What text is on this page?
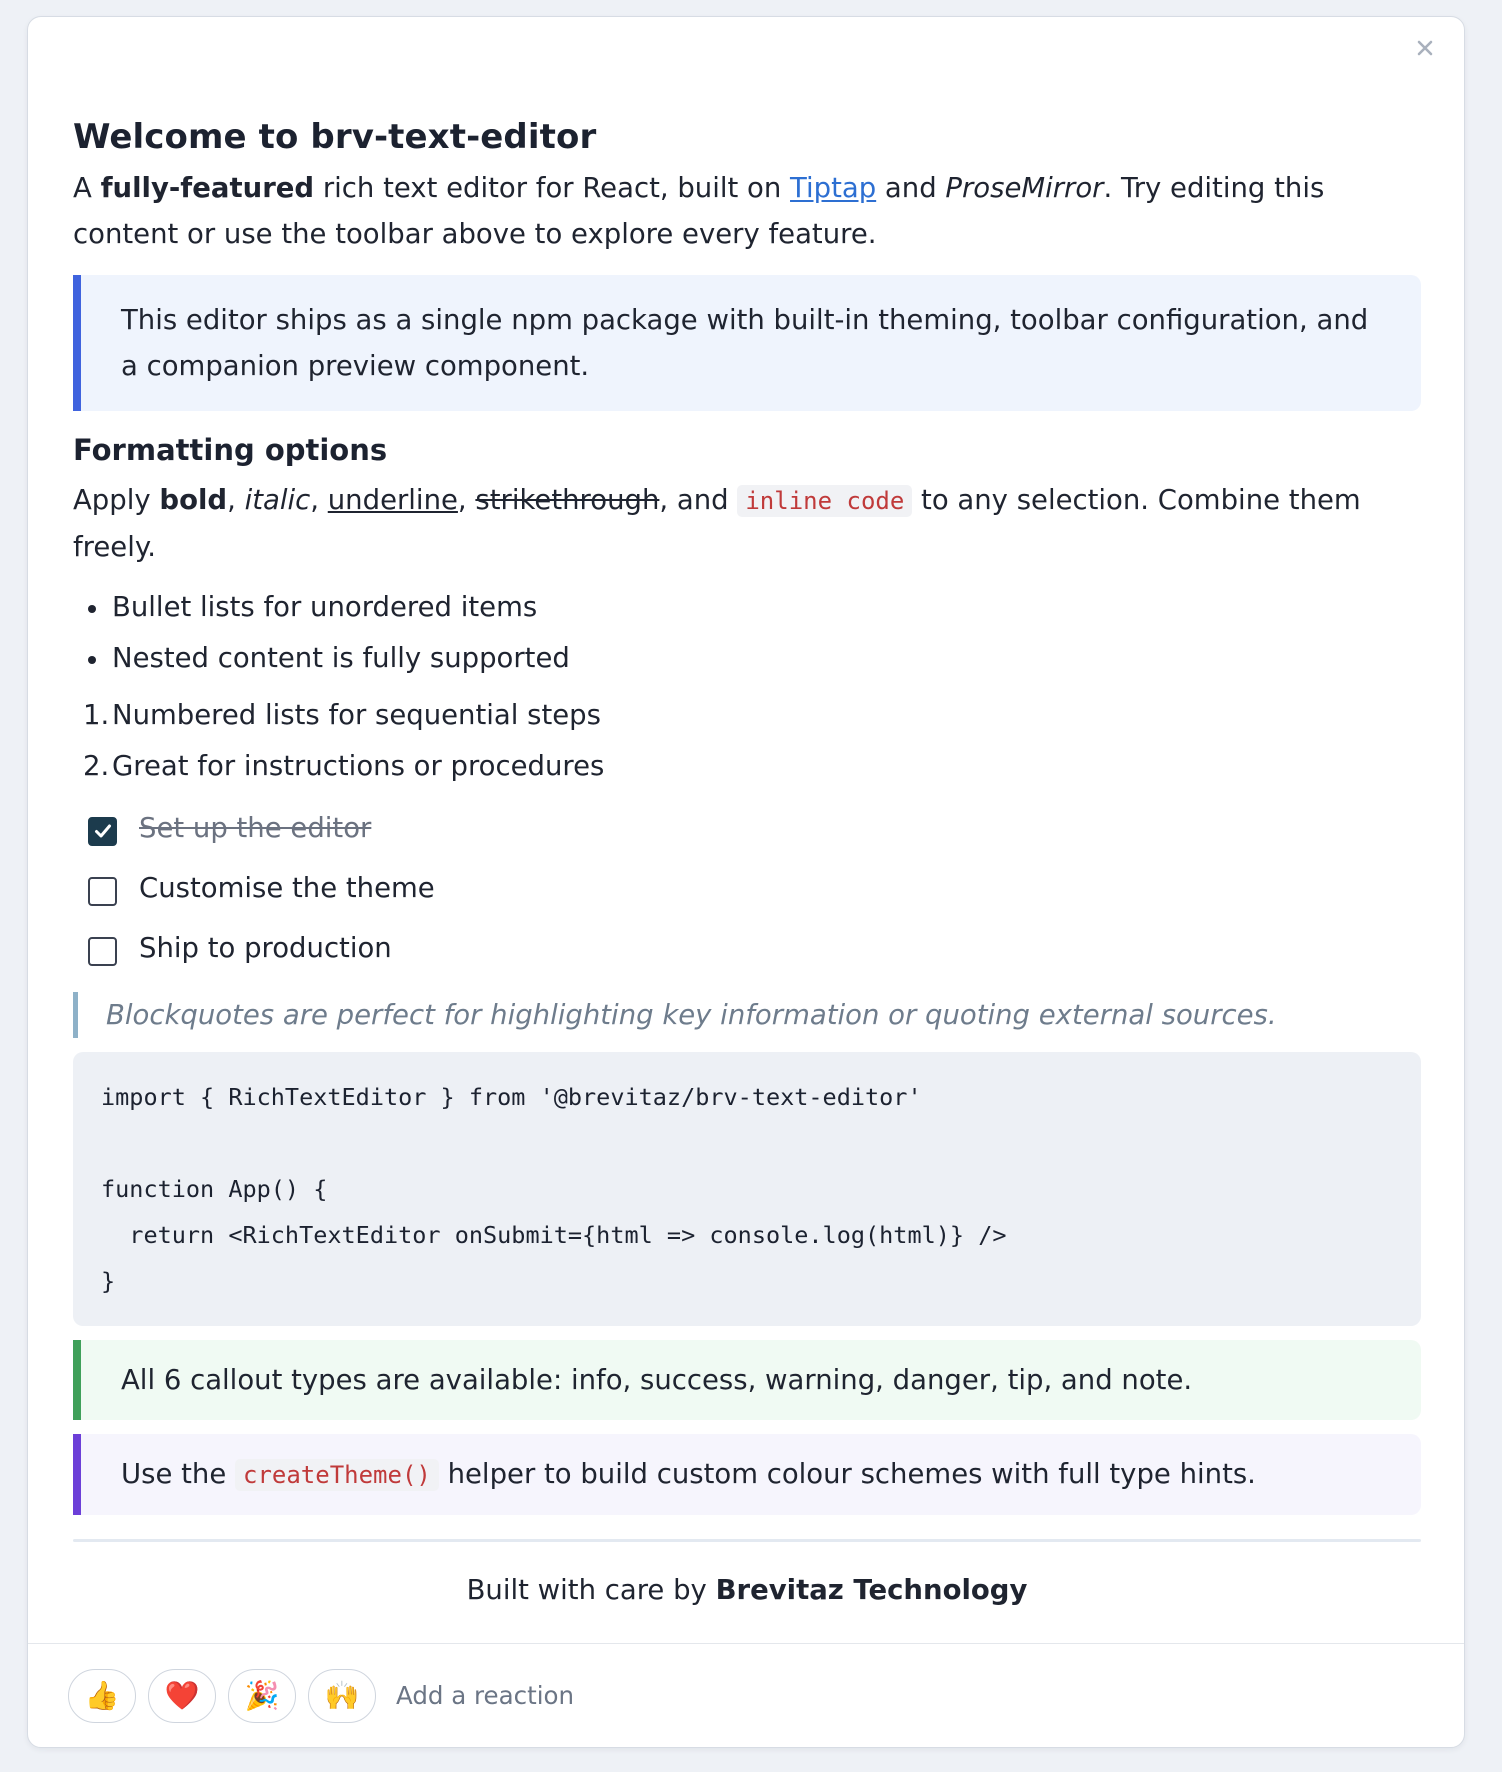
Welcome to brv-text-editor

A fully-featured rich text editor for React, built on Tiptap and ProseMirror. Try editing this content or use the toolbar above to explore every feature.

This editor ships as a single npm package with built-in theming, toolbar configuration, and a companion preview component.
Formatting options

Apply bold, italic, underline, strikethrough, and inline code to any selection. Combine them freely.

Bullet lists for unordered items
Nested content is fully supported
1. Numbered lists for sequential steps
2. Great for instructions or procedures
Set up the editor
Customise the theme
Ship to production
Blockquotes are perfect for highlighting key information or quoting external sources.
import { RichTextEditor } from '@brevitaz/brv-text-editor'

function App() {
return <RichTextEditor onSubmit={html => console.log(html)} />
}
All 6 callout types are available: info, success, warning, danger, tip, and note.
Use the createTheme() helper to build custom colour schemes with full type hints.
Built with care by Brevitaz Technology
👍 ❤️ 🎉 🙌 Add a reaction
